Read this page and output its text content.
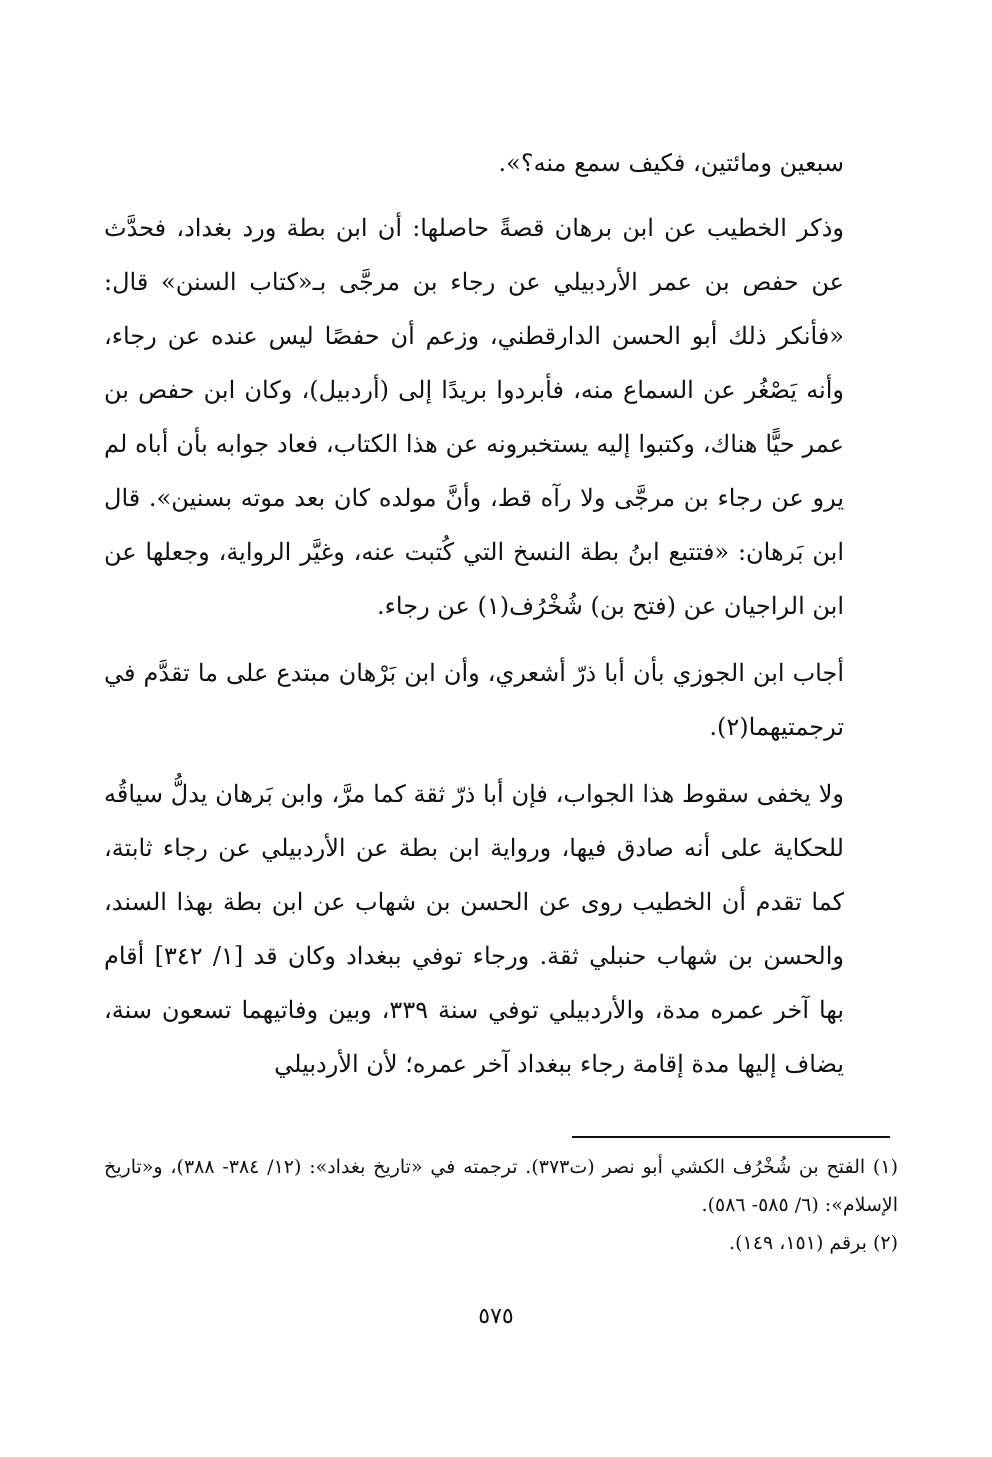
سبعين ومائتين، فكيف سمع منه؟».

وذكر الخطيب عن ابن برهان قصةً حاصلها: أن ابن بطة ورد بغداد، فحدَّث عن حفص بن عمر الأردبيلي عن رجاء بن مرجَّى بـ«كتاب السنن» قال: «فأنكر ذلك أبو الحسن الدارقطني، وزعم أن حفصًا ليس عنده عن رجاء، وأنه يَصْغُر عن السماع منه، فأبردوا بريدًا إلى (أردبيل)، وكان ابن حفص بن عمر حيًّا هناك، وكتبوا إليه يستخبرونه عن هذا الكتاب، فعاد جوابه بأن أباه لم يرو عن رجاء بن مرجَّى ولا رآه قط، وأنَّ مولده كان بعد موته بسنين». قال ابن بَرهان: «فتتبع ابنُ بطة النسخ التي كُتبت عنه، وغيَّر الرواية، وجعلها عن ابن الراجيان عن (فتح بن) شُخْرُف(١) عن رجاء.

أجاب ابن الجوزي بأن أبا ذرّ أشعري، وأن ابن بَرْهان مبتدع على ما تقدَّم في ترجمتيهما(٢).

ولا يخفى سقوط هذا الجواب، فإن أبا ذرّ ثقة كما مرَّ، وابن بَرهان يدلُّ سياقُه للحكاية على أنه صادق فيها، ورواية ابن بطة عن الأردبيلي عن رجاء ثابتة، كما تقدم أن الخطيب روى عن الحسن بن شهاب عن ابن بطة بهذا السند، والحسن بن شهاب حنبلي ثقة. ورجاء توفي ببغداد وكان قد [١/ ٣٤٢] أقام بها آخر عمره مدة، والأردبيلي توفي سنة ٣٣٩، وبين وفاتيهما تسعون سنة، يضاف إليها مدة إقامة رجاء ببغداد آخر عمره؛ لأن الأردبيلي

(١) الفتح بن شُخْرُف الكشي أبو نصر (ت٣٧٣). ترجمته في «تاريخ بغداد»: (١٢/ ٣٨٤- ٣٨٨)، و«تاريخ الإسلام»: (٦/ ٥٨٥- ٥٨٦).

(٢) برقم (١٥١، ١٤٩).

٥٧٥
